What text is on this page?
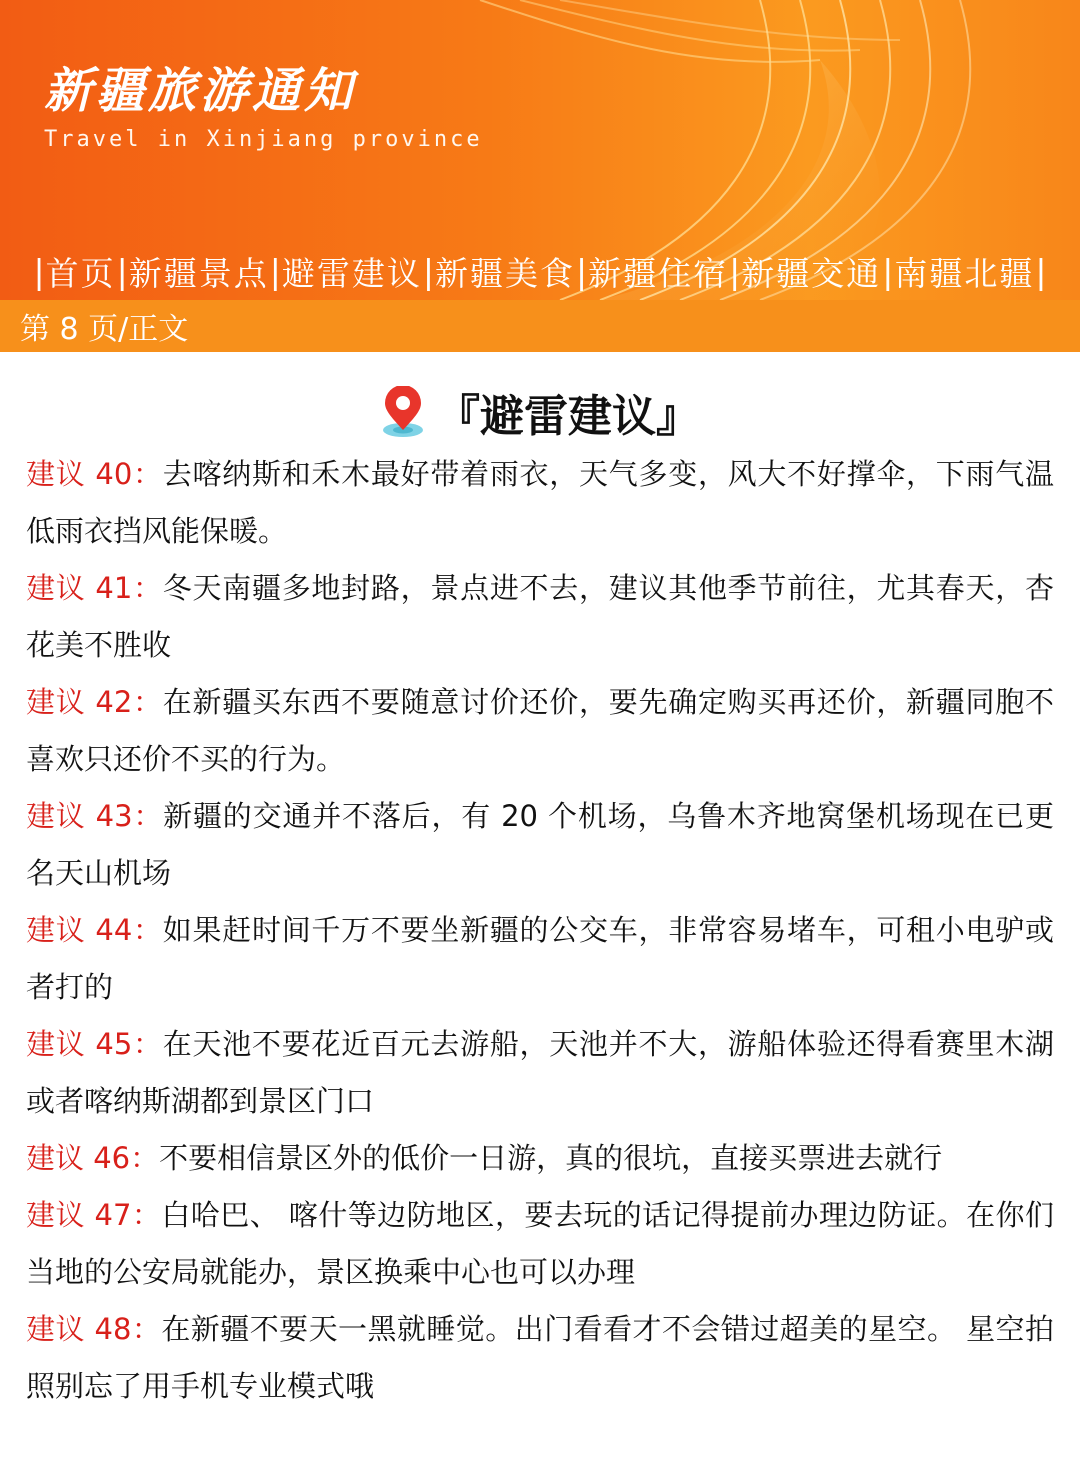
新疆旅游通知
Travel in Xinjiang province
| 首页 | 新疆景点 | 避雷建议 | 新疆美食 | 新疆住宿 | 新疆交通 | 南疆北疆 |
第 8 页/正文
『避雷建议』

建议 40：去喀纳斯和禾木最好带着雨衣，天气多变，风大不好撑伞，下雨气温低雨衣挡风能保暖。

建议 41：冬天南疆多地封路，景点进不去，建议其他季节前往，尤其春天，杏花美不胜收

建议 42：在新疆买东西不要随意讨价还价，要先确定购买再还价，新疆同胞不喜欢只还价不买的行为。

建议 43：新疆的交通并不落后，有 20 个机场，乌鲁木齐地窝堡机场现在已更名天山机场

建议 44：如果赶时间千万不要坐新疆的公交车，非常容易堵车，可租小电驴或者打的

建议 45：在天池不要花近百元去游船，天池并不大，游船体验还得看赛里木湖或者喀纳斯湖都到景区门口

建议 46：不要相信景区外的低价一日游，真的很坑，直接买票进去就行

建议 47：白哈巴、 喀什等边防地区，要去玩的话记得提前办理边防证。在你们当地的公安局就能办，景区换乘中心也可以办理

建议 48：在新疆不要天一黑就睡觉。出门看看才不会错过超美的星空。 星空拍照别忘了用手机专业模式哦
